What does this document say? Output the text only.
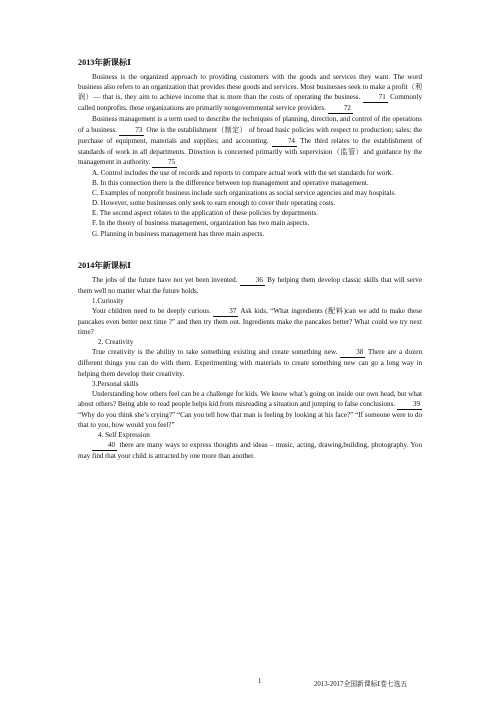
2013年新课标Ⅰ

Business is the organized approach to providing customers with the goods and services they want. The word business also refers to an organization that provides these goods and services. Most businesses seek to make a profit（利润）— that is, they aim to achieve income that is more than the costs of operating the business.	71 Commonly called nonprofits, these organizations are primarily nongovernmental service providers.	72

Business management is a term used to describe the techniques of planning, direction, and control of the operations of a business.	73 One is the establishment（制定） of broad basic policies with respect to production; sales; the purchase of equipment, materials and supplies; and accounting.	74 The third relates to the establishment of standards of work in all departments. Direction is concerned primarily with supervision（监管）and guidance by the management in authority.	75

A. Control includes the use of records and reports to compare actual work with the set standards for work.

B. In this connection there is the difference between top management and operative management.

C. Examples of nonprofit business include such organizations as social service agencies and may hospitals.

D. However, some businesses only seek to earn enough to cover their operating costs.

E. The second aspect relates to the application of these policies by departments.

F. In the theory of business management, organization has two main aspects.

G. Planning in business management has three main aspects.

2014年新课标Ⅰ

The jobs of the future have not yet been invented.	36 By helping them develop classic skills that will serve them well no matter what the future holds.

1.Curiosity

Your children need to be deeply curious.	37 Ask kids, “What ingredients (配料)can we add to make these pancakes even better next time ?” and then try them out. Ingredients make the pancakes better? What could we try next time?

2. Creativity

True creativity is the ability to take something existing and create something new.	38 There are a dozen different things you can do with them. Experimenting with materials to create something new can go a long way in helping them develop their creativity.

3.Personal skills

Understanding how others feel can be a challenge for kids. We know what’s going on inside our own head, but what about others? Being able to read people helps kid from misreading a situation and jumping to false conclusions.	39 “Why do you think she’s crying?” “Can you tell how that man is feeling by looking at his face?” “If someone were to do that to you, how would you feel?”

4. Self Expression

40 there are many ways to express thoughts and ideas – music, acting, drawing,building, photography. You may find that your child is attracted by one more than another.

1	2013-2017全国新课标Ⅰ卷七选五
